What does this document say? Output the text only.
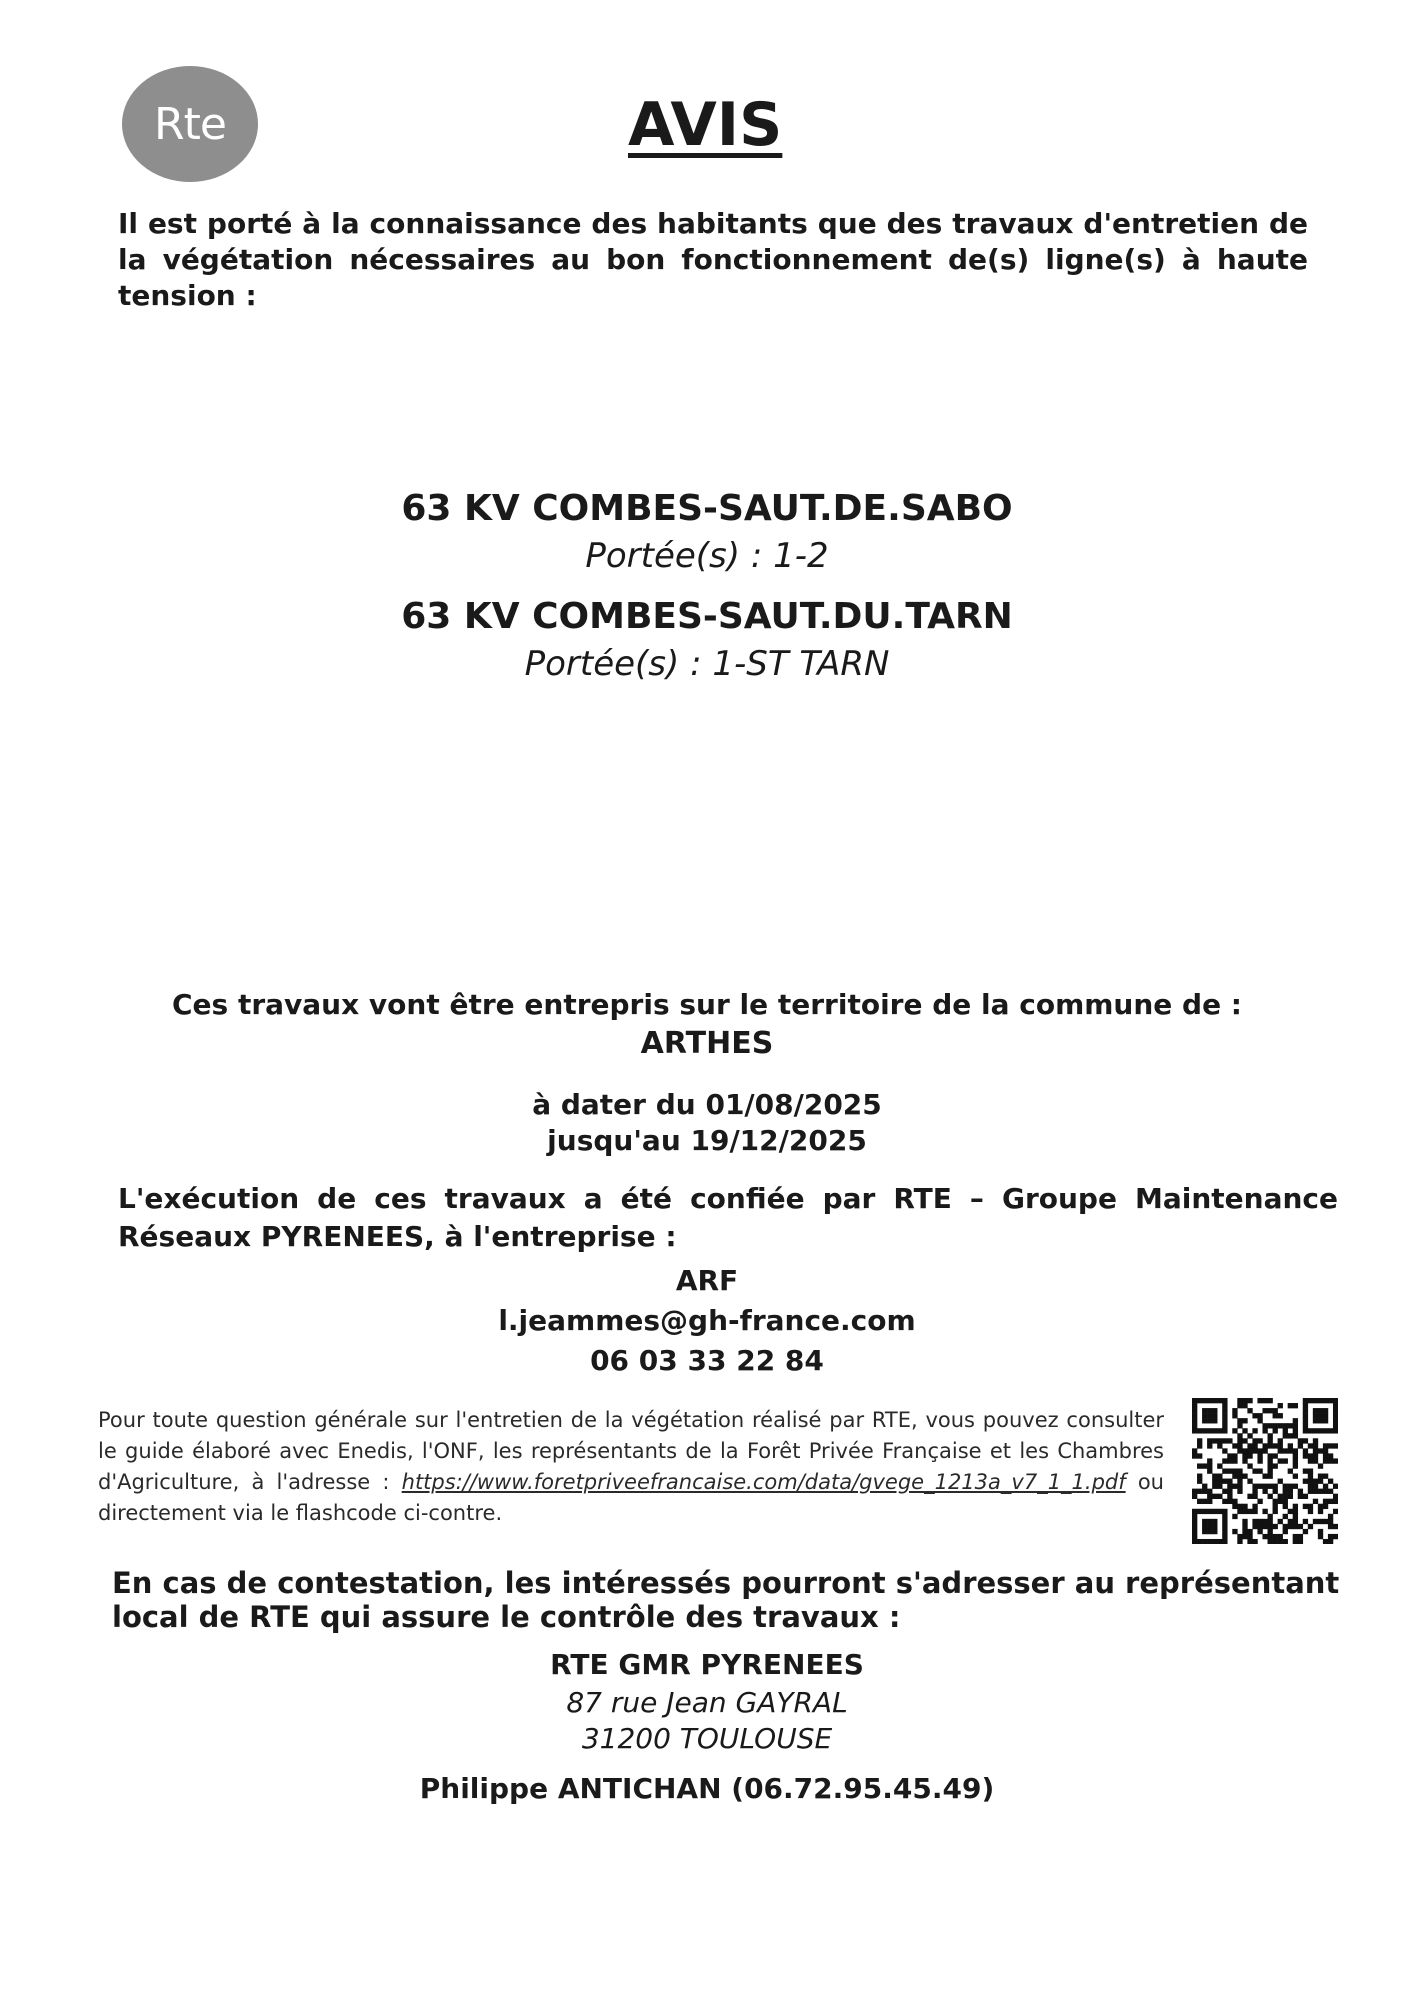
Rte	AVIS
Il est porté à la connaissance des habitants que des travaux d'entretien de la végétation nécessaires au bon fonctionnement de(s) ligne(s) à haute tension :
63 KV COMBES-SAUT.DE.SABO
Portée(s) : 1-2
63 KV COMBES-SAUT.DU.TARN
Portée(s) : 1-ST TARN
Ces travaux vont être entrepris sur le territoire de la commune de :
ARTHES
à dater du 01/08/2025
jusqu'au 19/12/2025
L'exécution de ces travaux a été confiée par RTE – Groupe Maintenance Réseaux PYRENEES, à l'entreprise :
ARF
l.jeammes@gh-france.com
06 03 33 22 84
Pour toute question générale sur l'entretien de la végétation réalisé par RTE, vous pouvez consulter le guide élaboré avec Enedis, l'ONF, les représentants de la Forêt Privée Française et les Chambres d'Agriculture, à l'adresse : https://www.foretpriveefrancaise.com/data/gvege_1213a_v7_1_1.pdf ou directement via le flashcode ci-contre.
En cas de contestation, les intéressés pourront s'adresser au représentant local de RTE qui assure le contrôle des travaux :
RTE GMR PYRENEES
87 rue Jean GAYRAL
31200 TOULOUSE
Philippe ANTICHAN (06.72.95.45.49)
